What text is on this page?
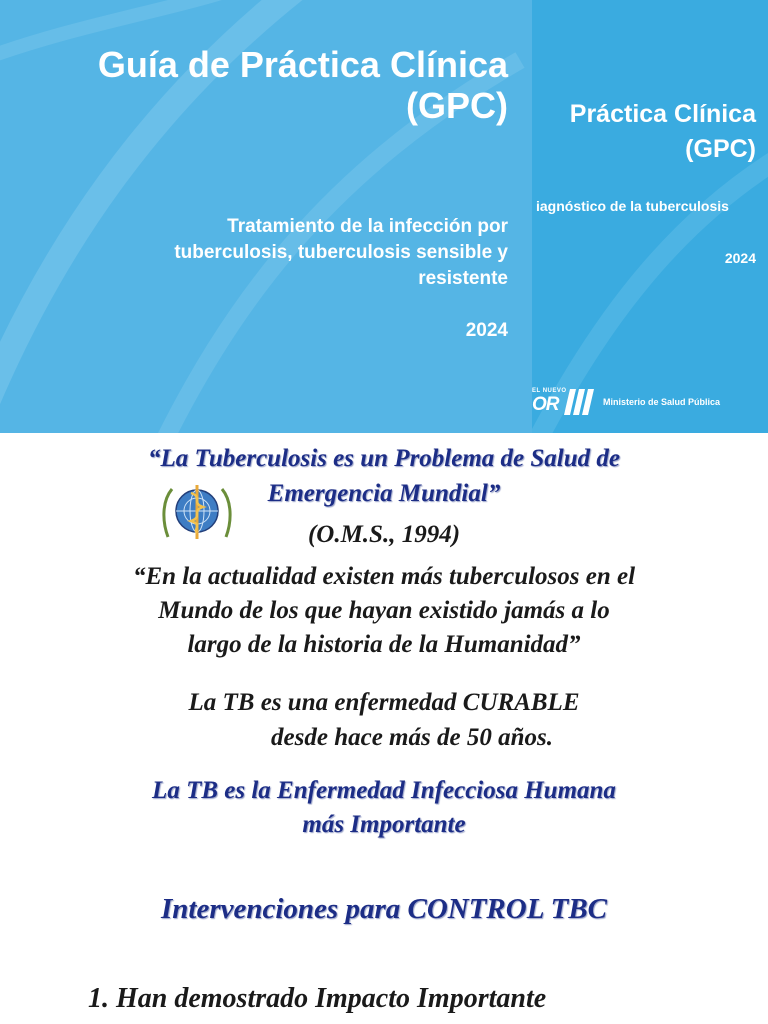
Guía de Práctica Clínica
(GPC)

Tratamiento de la infección por
tuberculosis, tuberculosis sensible y
resistente

2024
Práctica Clínica
(GPC)
iagnóstico de la tuberculosis
2024
EL NUEVO
OR	Ministerio de Salud Pública

“La Tuberculosis es un Problema de Salud de

Emergencia Mundial”

(O.M.S., 1994)

“En la actualidad existen más tuberculosos en el

Mundo de los que hayan existido jamás a lo

largo de la historia de la Humanidad”

La TB es una enfermedad CURABLE

desde hace más de 50 años.

La TB es la Enfermedad Infecciosa Humana

más Importante

Intervenciones para CONTROL TBC

1. Han demostrado Impacto Importante
